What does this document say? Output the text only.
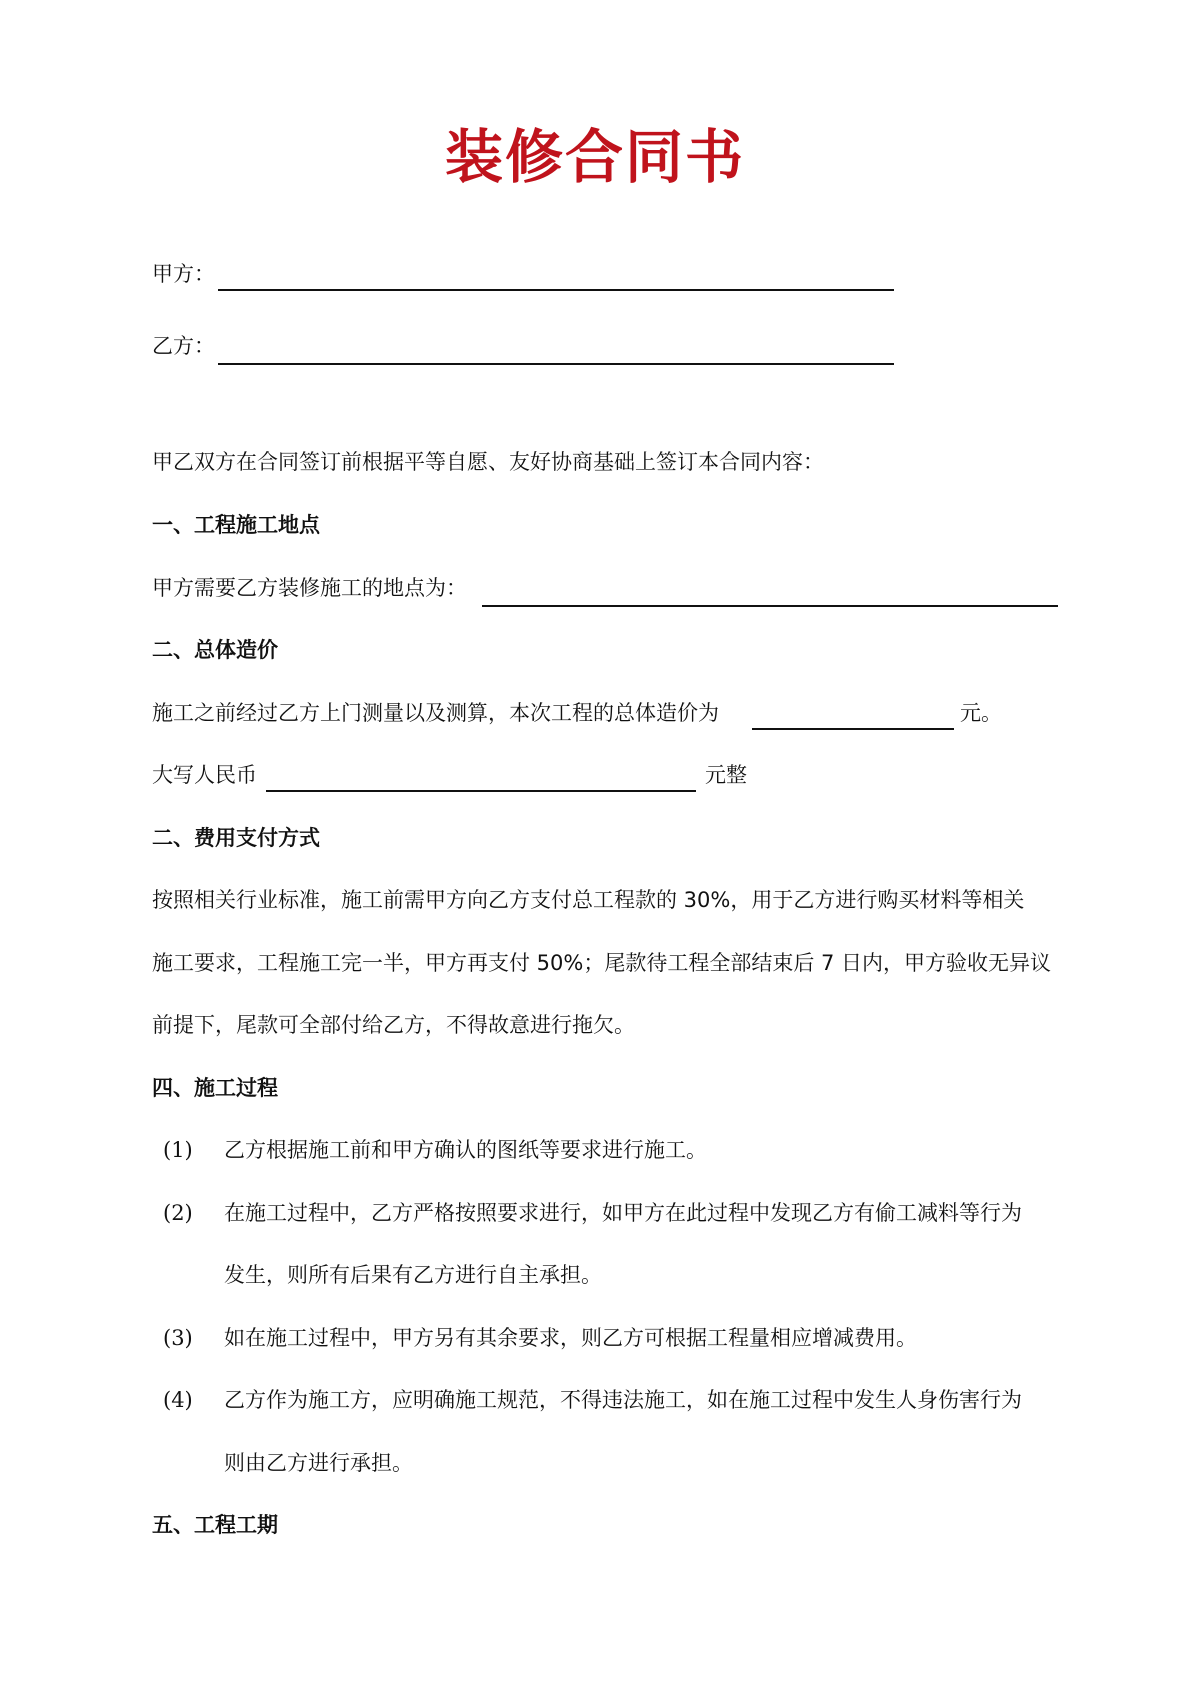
装修合同书
甲方：
乙方：
甲乙双方在合同签订前根据平等自愿、友好协商基础上签订本合同内容：
一、工程施工地点
甲方需要乙方装修施工的地点为：
二、总体造价
施工之前经过乙方上门测量以及测算，本次工程的总体造价为	元。
大写人民币	元整
二、费用支付方式
按照相关行业标准，施工前需甲方向乙方支付总工程款的 30%，用于乙方进行购买材料等相关
施工要求，工程施工完一半，甲方再支付 50%；尾款待工程全部结束后 7 日内，甲方验收无异议
前提下，尾款可全部付给乙方，不得故意进行拖欠。
四、施工过程
(1) 乙方根据施工前和甲方确认的图纸等要求进行施工。
(2) 在施工过程中，乙方严格按照要求进行，如甲方在此过程中发现乙方有偷工减料等行为
发生，则所有后果有乙方进行自主承担。
(3) 如在施工过程中，甲方另有其余要求，则乙方可根据工程量相应增减费用。
(4) 乙方作为施工方，应明确施工规范，不得违法施工，如在施工过程中发生人身伤害行为
则由乙方进行承担。
五、工程工期
